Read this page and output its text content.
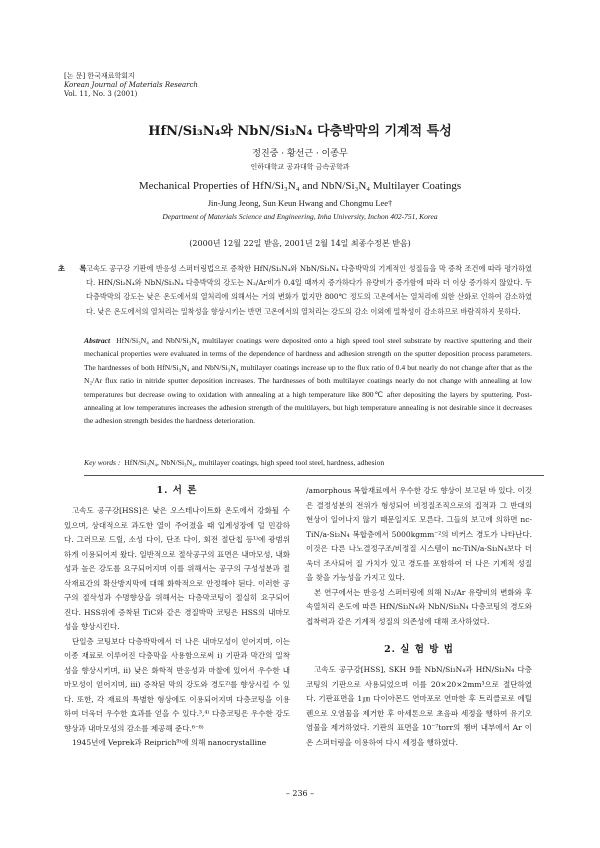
[논 문] 한국재료학회지
Korean Journal of Materials Research
Vol. 11, No. 3 (2001)
HfN/Si₃N₄와 NbN/Si₃N₄ 다층박막의 기계적 특성
정진중 · 황선근 · 이종무
인하대학교 공과대학 금속공학과
Mechanical Properties of HfN/Si₃N₄ and NbN/Si₃N₄ Multilayer Coatings
Jin-Jung Jeong, Sun Keun Hwang and Chongmu Lee†
Department of Materials Science and Engineering, Inha University, Inchon 402-751, Korea
(2000년 12월 22일 받음, 2001년 2월 14일 최종수정본 받음)
초 록
고속도 공구강 기판에 반응성 스퍼터링법으로 증착한 HfN/Si₃N₄와 NbN/Si₃N₄ 다층박막의 기계적인 성질들을 막 증착 조건에 따라 평가하였다. HfN/Si₃N₄와 NbN/Si₃N₄ 다층박막의 강도는 N₂/Ar비가 0.4일 때까지 증가하다가 유량비가 증가함에 따라 더 이상 증가하지 않았다. 두 다층박막의 강도는 낮은 온도에서의 열처리에 의해서는 거의 변화가 없지만 800℃ 정도의 고온에서는 열처리에 의한 산화로 인하여 감소하였다. 낮은 온도에서의 열처리는 밀착성을 향상시키는 반면 고온에서의 열처리는 강도의 감소 이외에 밀착성이 감소하므로 바람직하지 못하다.
Abstract HfN/Si₃N₄ and NbN/Si₃N₄ multilayer coatings were deposited onto a high speed tool steel substrate by reactive sputtering and their mechanical properties were evaluated in terms of the dependence of hardness and adhesion strength on the sputter deposition process parameters. The hardnesses of both HfN/Si₃N₄ and NbN/Si₃N₄ multilayer coatings increase up to the flux ratio of 0.4 but nearly do not change after that as the N₂/Ar flux ratio in nitride sputter deposition increases. The hardnesses of both multilayer coatings nearly do not change with annealing at low temperatures but decrease owing to oxidation with annealing at a high temperature like 800℃ after depositing the layers by sputtering. Post-annealing at low temperatures increases the adhesion strength of the multilayers, but high temperature annealing is not desirable since it decreases the adhesion strength besides the hardness deterioration.
Key words : HfN/Si₃N₄, NbN/Si₃N₄, multilayer coatings, high speed tool steel, hardness, adhesion
1. 서 론

고속도 공구강[HSS]은 낮은 오스테나이트화 온도에서 강화될 수 있으며, 상대적으로 과도한 열이 주어졌을 때 입계성장에 덜 민감하다. 그러므로 드릴, 소성 다이, 단조 다이, 회전 절단칩 등¹⁾에 광범위하게 이용되어져 왔다. 일반적으로 절삭공구의 표면은 내마모성, 내화성과 높은 강도를 요구되어지며 이를 위해서는 공구의 구성성분과 절삭재료간의 확산방지막에 대해 화학적으로 안정해야 된다. 이러한 공구의 절삭성과 수명향상을 위해서는 다층막코팅이 절실히 요구되어 진다. HSS위에 증착된 TiC와 같은 경질박막 코팅은 HSS의 내마모성을 향상시킨다.

단일층 코팅보다 다층박막에서 더 나은 내마모성이 얻어지며, 이는 이종 재료로 이루어진 다층막을 사용함으로써 i) 기판과 막간의 밀착성을 향상시키며, ii) 낮은 화학적 반응성과 마찰에 있어서 우수한 내마모성이 얻어지며, iii) 증착된 막의 강도와 경도²⁾를 향상시킬 수 있다. 또한, 각 재료의 특별한 형상에도 이용되어지며 다층코팅을 이용하여 더욱더 우수한 효과를 얻을 수 있다.³,⁴⁾ 다층코팅은 우수한 강도향상과 내마모성의 감소를 제공해 준다.⁶⁻⁸⁾

1945년에 Veprek과 Reiprich⁹⁾에 의해 nanocrystalline

/amorphous 복합재료에서 우수한 강도 향상이 보고된 바 있다. 이것은 결정성분의 전위가 형성되어 비정질조직으로의 집적과 그 반대의 현상이 일어나지 않기 때문일지도 모른다. 그들의 보고에 의하면 nc-TiN/a-Si₃N₄ 복합층에서 5000kgmm⁻²의 비커스 경도가 나타난다. 이것은 다른 나노결정구조/비정질 시스템이 nc-TiN/a-Si₃N₄보다 더욱더 조사되어 질 가치가 있고 경도를 포함하여 더 나은 기계적 성질을 찾을 가능성을 가지고 있다.

본 연구에서는 반응성 스퍼터링에 의해 N₂/Ar 유량비의 변화와 후속열처리 온도에 따른 HfN/Si₃N₄와 NbN/Si₃N₄ 다층코팅의 경도와 접착력과 같은 기계적 성질의 의존성에 대해 조사하였다.

2. 실 험 방 법

고속도 공구강[HSS], SKH 9를 NbN/Si₃N₄과 HfN/Si₃N₄ 다층코팅의 기판으로 사용되었으며 이를 20×20×2mm³으로 절단하였다. 기판표면을 1㎛ 다이아몬드 연마포로 연마한 후 트리클로로 에틸렌으로 오염물을 제거한 후 아세톤으로 초음파 세정을 행하여 유기오염물을 제거하였다. 기판의 표면을 10⁻⁷torr의 챔버 내부에서 Ar 이온 스퍼터링을 이용하여 다시 세정을 행하였다.

– 236 –
